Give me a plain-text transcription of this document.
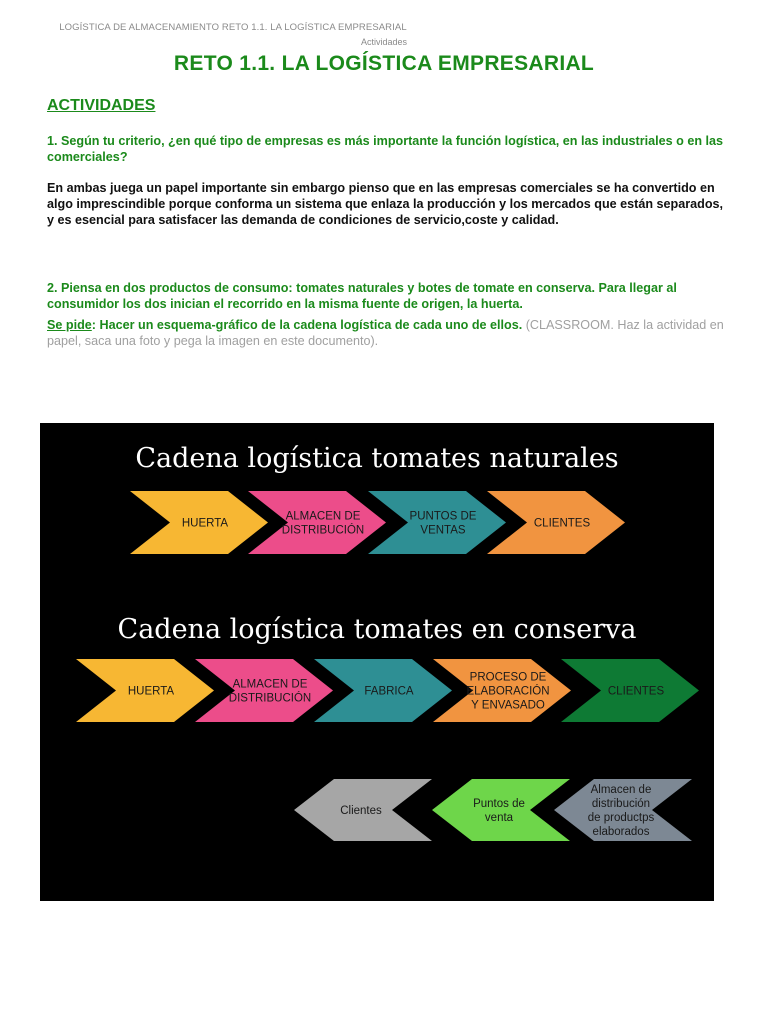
LOGÍSTICA DE ALMACENAMIENTO RETO 1.1. LA LOGÍSTICA EMPRESARIAL
Actividades
RETO 1.1. LA LOGÍSTICA EMPRESARIAL
ACTIVIDADES
1. Según tu criterio, ¿en qué tipo de empresas es más importante la función logística, en las industriales o en las comerciales?
En ambas juega un papel importante sin embargo pienso que en las empresas comerciales se ha convertido en algo imprescindible porque conforma un sistema que enlaza la producción y los mercados que están separados, y es esencial para satisfacer las demanda de condiciones de servicio,coste y calidad.
2. Piensa en dos productos de consumo: tomates naturales y botes de tomate en conserva. Para llegar al consumidor los dos inician el recorrido en la misma fuente de origen, la huerta.
Se pide: Hacer un esquema-gráfico de la cadena logística de cada uno de ellos. (CLASSROOM. Haz la actividad en papel, saca una foto y pega la imagen en este documento).
Cadena logística tomates naturales
HUERTA
ALMACEN DE DISTRIBUCIÓN
PUNTOS DE VENTAS
CLIENTES
Cadena logística tomates en conserva
HUERTA
ALMACEN DE DISTRIBUCIÓN
FABRICA
PROCESO DE ELABORACIÓN Y ENVASADO
CLIENTES
Clientes
Puntos de venta
Almacen de distribución de productps elaborados
